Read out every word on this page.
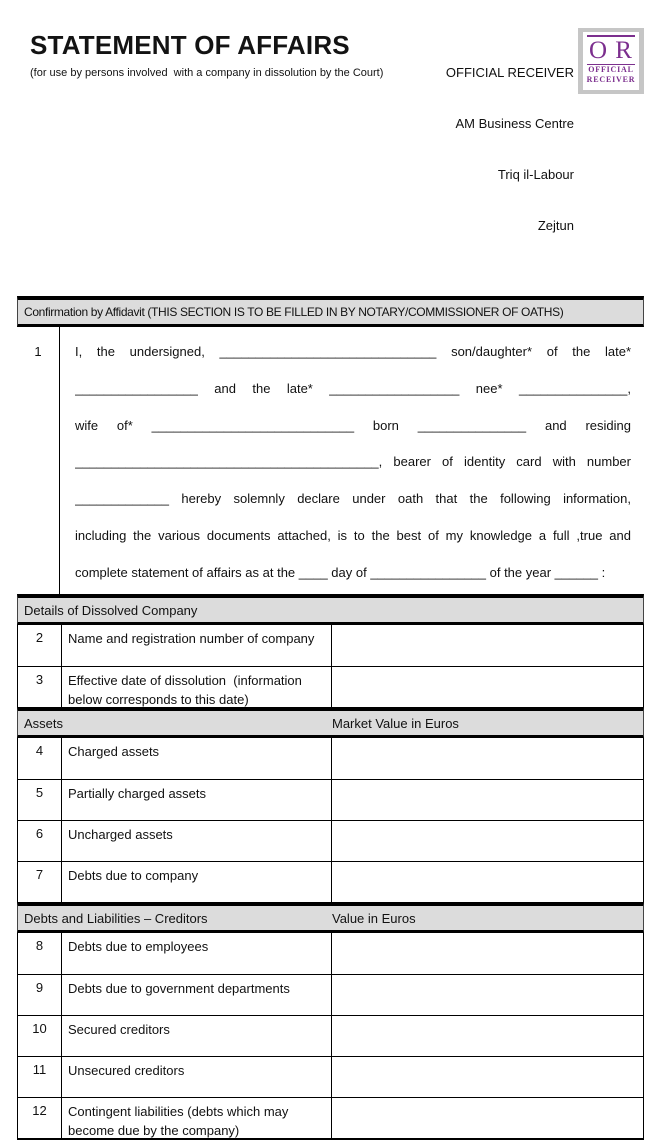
STATEMENT OF AFFAIRS
(for use by persons involved  with a company in dissolution by the Court)

	OFFICIAL RECEIVER

AM Business Centre

Triq il-Labour

Zejtun

O R
OFFICIAL
RECEIVER
Confirmation by Affidavit (THIS SECTION IS TO BE FILLED IN BY NOTARY/COMMISSIONER OF OATHS)
1	I, the undersigned, ______________________________ son/daughter* of the late*
_________________ and the late* __________________ nee* _______________,
wife of* ____________________________ born _______________ and residing
__________________________________________, bearer of identity card with number
_____________ hereby solemnly declare under oath that the following information,
including the various documents attached, is to the best of my knowledge a full ,true and
complete statement of affairs as at the ____ day of ________________ of the year ______ :
Details of Dissolved Company
2	Name and registration number of company
3	Effective date of dissolution  (information below corresponds to this date)
Assets	Market Value in Euros
4	Charged assets
5	Partially charged assets
6	Uncharged assets
7	Debts due to company
Debts and Liabilities – Creditors	Value in Euros
8	Debts due to employees
9	Debts due to government departments
10	Secured creditors
11	Unsecured creditors
12	Contingent liabilities (debts which may become due by the company)
